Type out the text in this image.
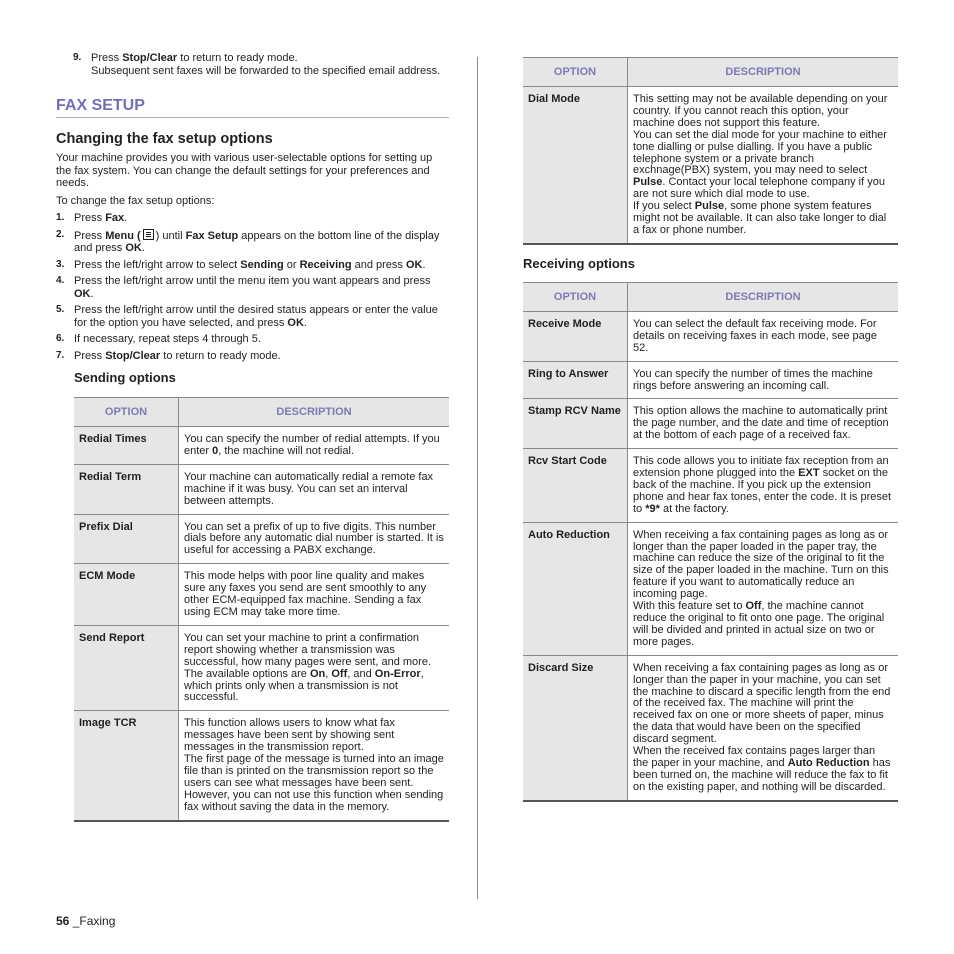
9. Press Stop/Clear to return to ready mode.
Subsequent sent faxes will be forwarded to the specified email address.
FAX SETUP
Changing the fax setup options

Your machine provides you with various user-selectable options for setting up the fax system. You can change the default settings for your preferences and needs.

To change the fax setup options:

1. Press Fax.
2. Press Menu ( ) until Fax Setup appears on the bottom line of the display and press OK.
3. Press the left/right arrow to select Sending or Receiving and press OK.
4. Press the left/right arrow until the menu item you want appears and press OK.
5. Press the left/right arrow until the desired status appears or enter the value for the option you have selected, and press OK.
6. If necessary, repeat steps 4 through 5.
7. Press Stop/Clear to return to ready mode.
Sending options
OPTION	DESCRIPTION
Redial Times	You can specify the number of redial attempts. If you enter 0, the machine will not redial.
Redial Term	Your machine can automatically redial a remote fax machine if it was busy. You can set an interval between attempts.
Prefix Dial	You can set a prefix of up to five digits. This number dials before any automatic dial number is started. It is useful for accessing a PABX exchange.
ECM Mode	This mode helps with poor line quality and makes sure any faxes you send are sent smoothly to any other ECM-equipped fax machine. Sending a fax using ECM may take more time.
Send Report	You can set your machine to print a confirmation report showing whether a transmission was successful, how many pages were sent, and more. The available options are On, Off, and On-Error, which prints only when a transmission is not successful.
Image TCR	This function allows users to know what fax messages have been sent by showing sent messages in the transmission report.
The first page of the message is turned into an image file than is printed on the transmission report so the users can see what messages have been sent.
However, you can not use this function when sending fax without saving the data in the memory.
OPTION	DESCRIPTION
Dial Mode	This setting may not be available depending on your country. If you cannot reach this option, your machine does not support this feature.
You can set the dial mode for your machine to either tone dialling or pulse dialling. If you have a public telephone system or a private branch exchnage(PBX) system, you may need to select Pulse. Contact your local telephone company if you are not sure which dial mode to use.
If you select Pulse, some phone system features might not be available. It can also take longer to dial a fax or phone number.
Receiving options
OPTION	DESCRIPTION
Receive Mode	You can select the default fax receiving mode. For details on receiving faxes in each mode, see page 52.
Ring to Answer	You can specify the number of times the machine rings before answering an incoming call.
Stamp RCV Name	This option allows the machine to automatically print the page number, and the date and time of reception at the bottom of each page of a received fax.
Rcv Start Code	This code allows you to initiate fax reception from an extension phone plugged into the EXT socket on the back of the machine. If you pick up the extension phone and hear fax tones, enter the code. It is preset to *9* at the factory.
Auto Reduction	When receiving a fax containing pages as long as or longer than the paper loaded in the paper tray, the machine can reduce the size of the original to fit the size of the paper loaded in the machine. Turn on this feature if you want to automatically reduce an incoming page.
With this feature set to Off, the machine cannot reduce the original to fit onto one page. The original will be divided and printed in actual size on two or more pages.
Discard Size	When receiving a fax containing pages as long as or longer than the paper in your machine, you can set the machine to discard a specific length from the end of the received fax. The machine will print the received fax on one or more sheets of paper, minus the data that would have been on the specified discard segment.
When the received fax contains pages larger than the paper in your machine, and Auto Reduction has been turned on, the machine will reduce the fax to fit on the existing paper, and nothing will be discarded.
56 _Faxing
